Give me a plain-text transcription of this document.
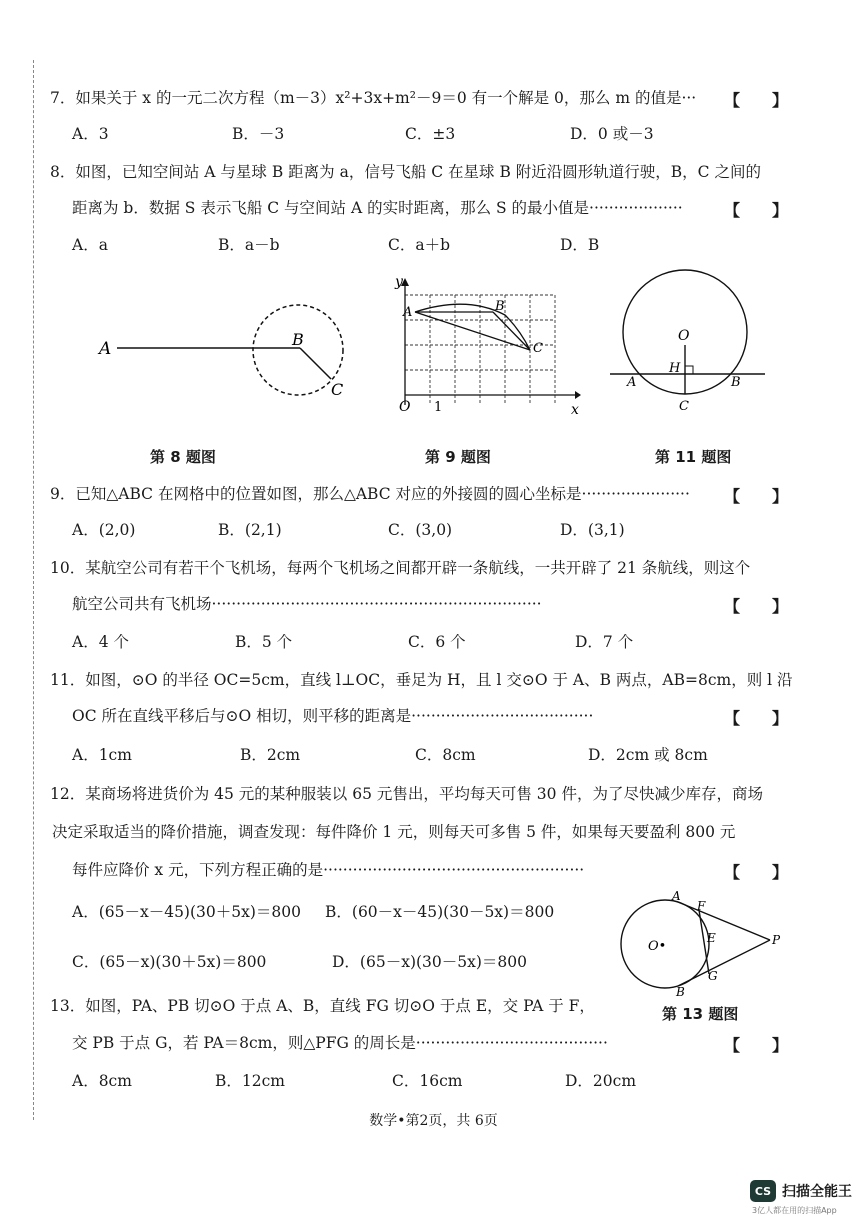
7．如果关于 x 的一元二次方程（m－3）x²+3x+m²－9＝0 有一个解是 0，那么 m 的值是··· 【　　】
A．3	B．－3	C．±3	D．0 或－3
8．如图，已知空间站 A 与星球 B 距离为 a，信号飞船 C 在星球 B 附近沿圆形轨道行驶，B，C 之间的
距离为 b．数据 S 表示飞船 C 与空间站 A 的实时距离，那么 S 的最小值是···················	【　　】
A．a	B．a－b	C．a＋b	D．B
A	B
C
第 8 题图
y
x
O 1
A	B
C
第 9 题图
O
H
A	B
C
第 11 题图
9．已知△ABC 在网格中的位置如图，那么△ABC 对应的外接圆的圆心坐标是······················ 【　　】
A．(2,0)	B．(2,1)	C．(3,0)	D．(3,1)
10．某航空公司有若干个飞机场，每两个飞机场之间都开辟一条航线，一共开辟了 21 条航线，则这个
航空公司共有飞机场···································································	【　　】
A．4 个	B．5 个	C．6 个	D．7 个
11．如图，⊙O 的半径 OC=5cm，直线 l⊥OC，垂足为 H，且 l 交⊙O 于 A、B 两点，AB=8cm，则 l 沿
OC 所在直线平移后与⊙O 相切，则平移的距离是·····································	【　　】
A．1cm	B．2cm	C．8cm	D．2cm 或 8cm
12．某商场将进货价为 45 元的某种服装以 65 元售出，平均每天可售 30 件，为了尽快减少库存，商场
决定采取适当的降价措施，调查发现：每件降价 1 元，则每天可多售 5 件，如果每天要盈利 800 元
每件应降价 x 元，下列方程正确的是·····················································	【　　】
A．(65－x－45)(30＋5x)＝800 B．(60－x－45)(30－5x)＝800
C．(65－x)(30＋5x)＝800	D．(65－x)(30－5x)＝800
A
F
O•
E	P
G
B
第 13 题图
13．如图，PA、PB 切⊙O 于点 A、B，直线 FG 切⊙O 于点 E，交 PA 于 F，
交 PB 于点 G，若 PA＝8cm，则△PFG 的周长是·······································	【　　】
A．8cm	B．12cm	C．16cm	D．20cm
数学•第2页，共 6页
CS 扫描全能王
3亿人都在用的扫描App
